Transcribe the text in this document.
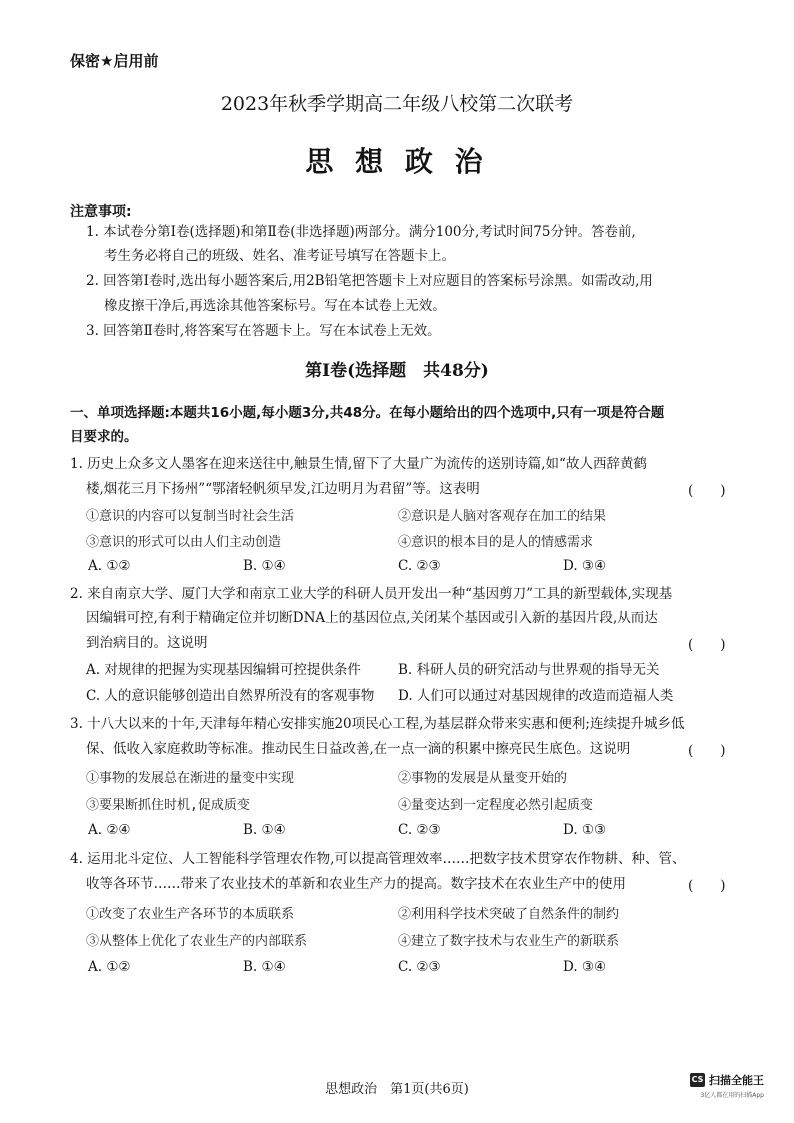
保密★启用前
2023年秋季学期高二年级八校第二次联考
思 想 政 治
注意事项:
1. 本试卷分第Ⅰ卷(选择题)和第Ⅱ卷(非选择题)两部分。满分100分,考试时间75分钟。答卷前,
考生务必将自己的班级、姓名、准考证号填写在答题卡上。
2. 回答第Ⅰ卷时,选出每小题答案后,用2B铅笔把答题卡上对应题目的答案标号涂黑。如需改动,用
橡皮擦干净后,再选涂其他答案标号。写在本试卷上无效。
3. 回答第Ⅱ卷时,将答案写在答题卡上。写在本试卷上无效。
第Ⅰ卷(选择题　共48分)
一、单项选择题:本题共16小题,每小题3分,共48分。在每小题给出的四个选项中,只有一项是符合题
目要求的。
1. 历史上众多文人墨客在迎来送往中,触景生情,留下了大量广为流传的送别诗篇,如“故人西辞黄鹤
楼,烟花三月下扬州”“鄂渚轻帆须早发,江边明月为君留”等。这表明	(　　)
①意识的内容可以复制当时社会生活	②意识是人脑对客观存在加工的结果
③意识的形式可以由人们主动创造	④意识的根本目的是人的情感需求
A. ①②	B. ①④	C. ②③	D. ③④
2. 来自南京大学、厦门大学和南京工业大学的科研人员开发出一种“基因剪刀”工具的新型载体,实现基
因编辑可控,有利于精确定位并切断DNA上的基因位点,关闭某个基因或引入新的基因片段,从而达
到治病目的。这说明	(　　)
A. 对规律的把握为实现基因编辑可控提供条件	B. 科研人员的研究活动与世界观的指导无关
C. 人的意识能够创造出自然界所没有的客观事物 D. 人们可以通过对基因规律的改造而造福人类
3. 十八大以来的十年,天津每年精心安排实施20项民心工程,为基层群众带来实惠和便利;连续提升城乡低
保、低收入家庭救助等标准。推动民生日益改善,在一点一滴的积累中擦亮民生底色。这说明	(　　)
①事物的发展总在渐进的量变中实现	②事物的发展是从量变开始的
③要果断抓住时机,促成质变	④量变达到一定程度必然引起质变
A. ②④	B. ①④	C. ②③	D. ①③
4. 运用北斗定位、人工智能科学管理农作物,可以提高管理效率……把数字技术贯穿农作物耕、种、管、
收等各环节……带来了农业技术的革新和农业生产力的提高。数字技术在农业生产中的使用	(　　)
①改变了农业生产各环节的本质联系	②利用科学技术突破了自然条件的制约
③从整体上优化了农业生产的内部联系	④建立了数字技术与农业生产的新联系
A. ①②	B. ①④	C. ②③	D. ③④
思想政治　第1页(共6页)
CS 扫描全能王
3亿人都在用的扫描App
